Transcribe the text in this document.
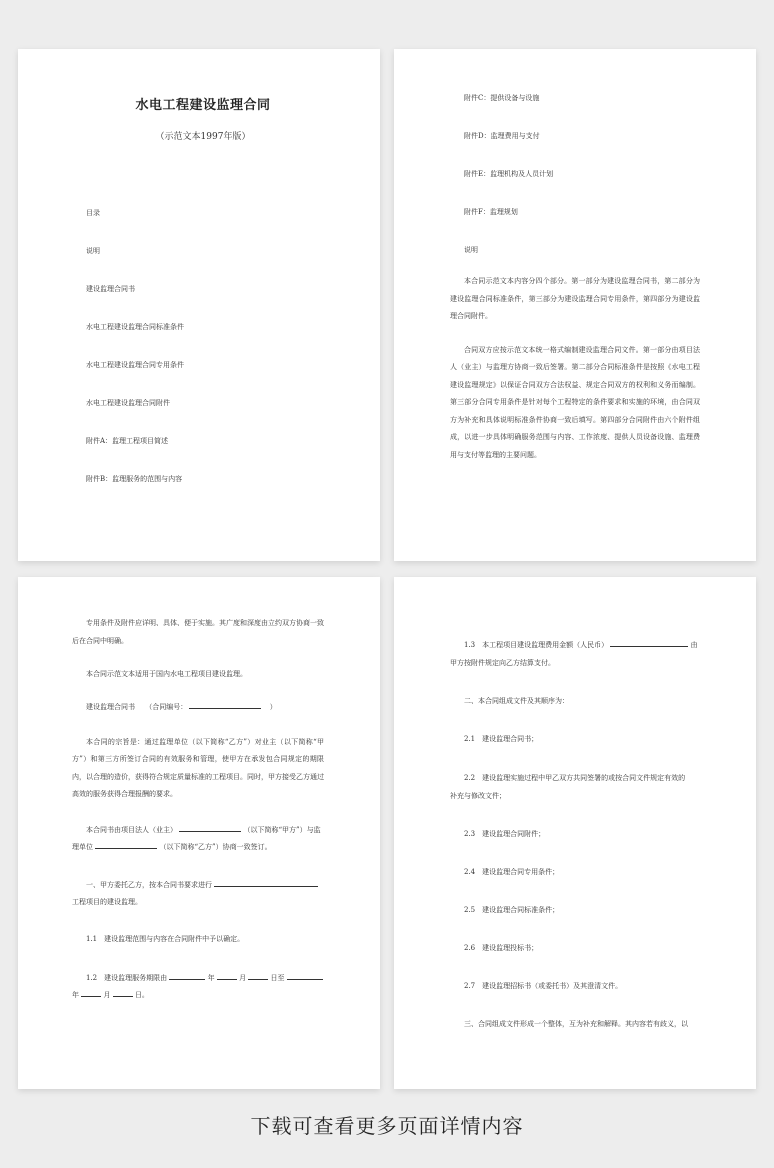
水电工程建设监理合同
（示范文本1997年版）
目录
说明
建设监理合同书
水电工程建设监理合同标准条件
水电工程建设监理合同专用条件
水电工程建设监理合同附件
附件A：监理工程项目简述
附件B：监理服务的范围与内容
附件C：提供设备与设施
附件D：监理费用与支付
附件E：监理机构及人员计划
附件F：监理规划
说明

本合同示范文本内容分四个部分。第一部分为建设监理合同书，第二部分为建设监理合同标准条件，第三部分为建设监理合同专用条件，第四部分为建设监理合同附件。

合同双方应按示范文本统一格式编制建设监理合同文件。第一部分由项目法人（业主）与监理方协商一致后签署。第二部分合同标准条件是按照《水电工程建设监理规定》以保证合同双方合法权益、规定合同双方的权利和义务而编制。第三部分合同专用条件是针对每个工程特定的条件要求和实施的环境，由合同双方为补充和具体说明标准条件协商一致后填写。第四部分合同附件由六个附件组成，以进一步具体明确服务范围与内容、工作浓度、提供人员设备设施、监理费用与支付等监理的主要问题。

专用条件及附件应详明、具体、便于实施。其广度和深度由立约双方协商一致后在合同中明确。

本合同示范文本适用于国内水电工程项目建设监理。

建设监理合同书 （合同编号：	）

本合同的宗旨是：通过监理单位（以下简称“乙方”）对业主（以下简称“甲方”）和第三方所签订合同的有效服务和管理，使甲方在承发包合同规定的期限内，以合理的造价，获得符合规定质量标准的工程项目。同时，甲方接受乙方通过高效的服务获得合理报酬的要求。

本合同书由项目法人（业主）	（以下简称“甲方”）与监
理单位	（以下简称“乙方”）协商一致签订。
一、甲方委托乙方，按本合同书要求进行
工程项目的建设监理。
1.1　建设监理范围与内容在合同附件中予以确定。
1.2　建设监理服务期限由	年	月	日至
年	月	日。
1.3　本工程项目建设监理费用金额（人民币）	由
甲方按附件规定向乙方结算支付。
二、本合同组成文件及其顺序为：
2.1　建设监理合同书；
2.2　建设监理实施过程中甲乙双方共同签署的或按合同文件规定有效的
补充与修改文件；
2.3　建设监理合同附件；
2.4　建设监理合同专用条件；
2.5　建设监理合同标准条件；
2.6　建设监理投标书；
2.7　建设监理招标书（或委托书）及其澄清文件。
三、合同组成文件形成一个整体，互为补充和解释。其内容若有歧义，以
下载可查看更多页面详情内容
